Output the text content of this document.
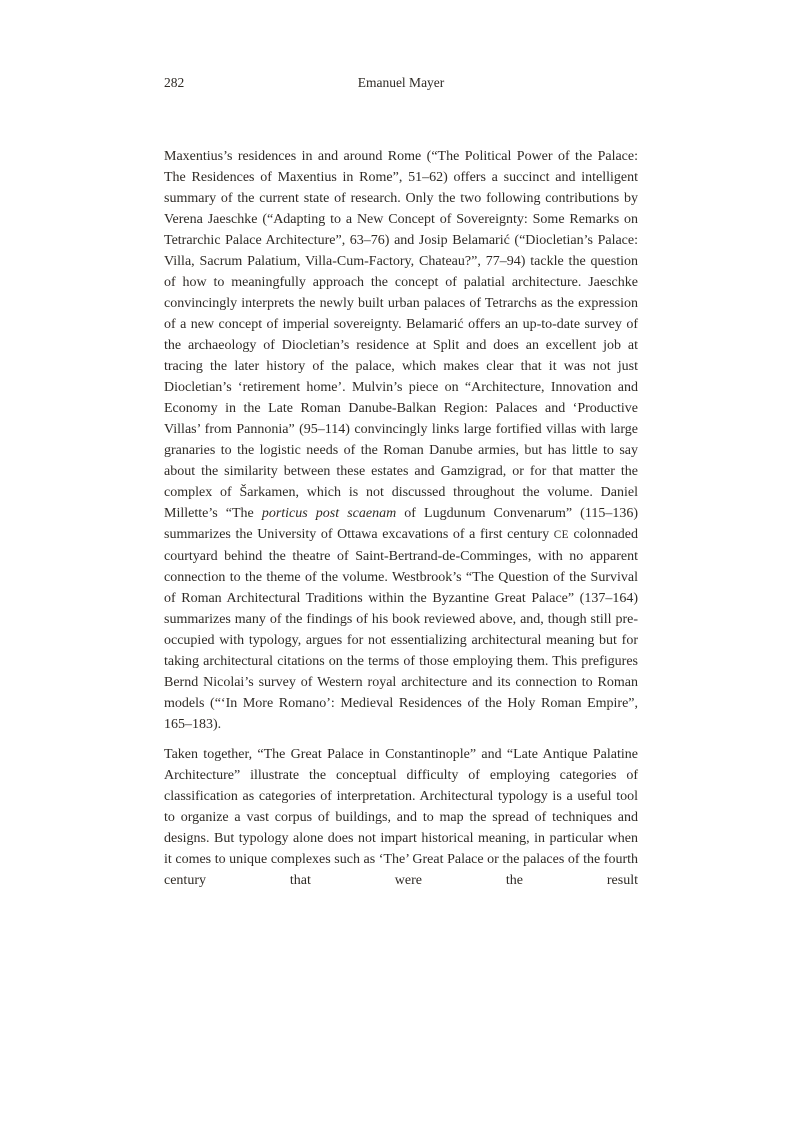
282	Emanuel Mayer

Maxentius’s residences in and around Rome (“The Political Power of the Palace: The Residences of Maxentius in Rome”, 51–62) offers a succinct and intelligent summary of the current state of research. Only the two following contributions by Verena Jaeschke (“Adapting to a New Concept of Sovereignty: Some Remarks on Tetrarchic Palace Architecture”, 63–76) and Josip Belamarić (“Diocletian’s Palace: Villa, Sacrum Palatium, Villa-Cum-Factory, Chateau?”, 77–94) tackle the question of how to meaningfully approach the concept of palatial architecture. Jaeschke convincingly interprets the newly built urban palaces of Tetrarchs as the expression of a new concept of imperial sovereignty. Belamarić offers an up-to-date survey of the archaeology of Diocletian’s residence at Split and does an excellent job at tracing the later history of the palace, which makes clear that it was not just Diocletian’s ‘retirement home’. Mulvin’s piece on “Architecture, Innovation and Economy in the Late Roman Danube-Balkan Region: Palaces and ‘Productive Villas’ from Pannonia” (95–114) convincingly links large fortified villas with large granaries to the logistic needs of the Roman Danube armies, but has little to say about the similarity between these estates and Gamzigrad, or for that matter the complex of Šarkamen, which is not discussed throughout the volume. Daniel Millette’s “The porticus post scaenam of Lugdunum Convenarum” (115–136) summarizes the University of Ottawa excavations of a first century CE colonnaded courtyard behind the theatre of Saint-Bertrand-de-Comminges, with no apparent connection to the theme of the volume. Westbrook’s “The Question of the Survival of Roman Architectural Traditions within the Byzantine Great Palace” (137–164) summarizes many of the findings of his book reviewed above, and, though still pre-occupied with typology, argues for not essentializing architectural meaning but for taking architectural citations on the terms of those employing them. This prefigures Bernd Nicolai’s survey of Western royal architecture and its connection to Roman models (“‘In More Romano’: Medieval Residences of the Holy Roman Empire”, 165–183).

Taken together, “The Great Palace in Constantinople” and “Late Antique Palatine Architecture” illustrate the conceptual difficulty of employing categories of classification as categories of interpretation. Architectural typology is a useful tool to organize a vast corpus of buildings, and to map the spread of techniques and designs. But typology alone does not impart historical meaning, in particular when it comes to unique complexes such as ‘The’ Great Palace or the palaces of the fourth century that were the result
